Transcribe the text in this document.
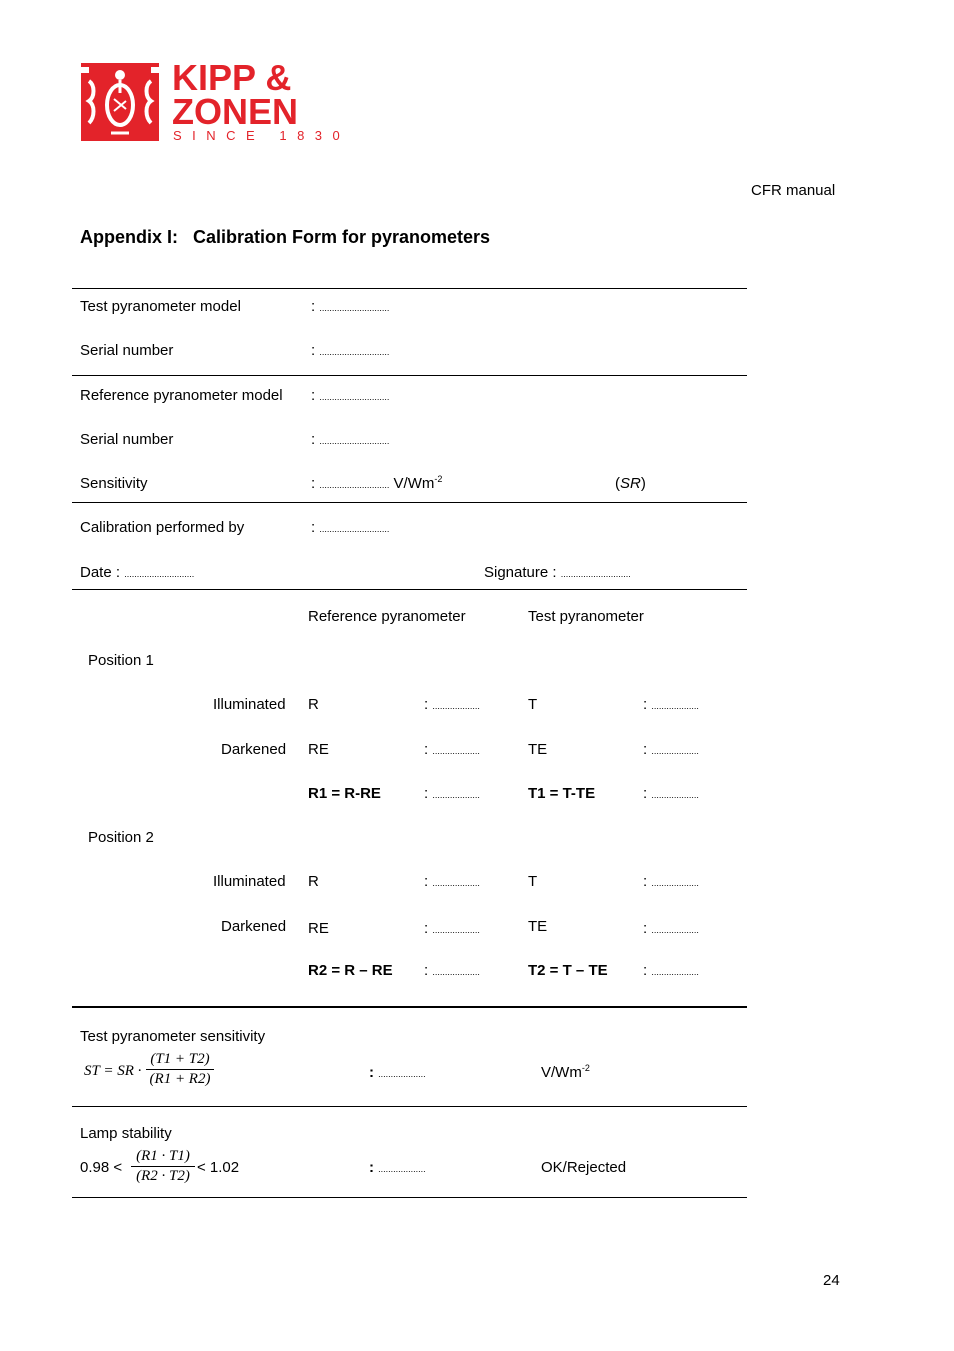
KIPP &
ZONEN
SINCE 1830
CFR manual
Appendix I:   Calibration Form for pyranometers
Test pyranometer model	: ............................
Serial number	: ............................
Reference pyranometer model : ............................
Serial number	: ............................
Sensitivity	: ............................ $V/Wm^{-2}$	(SR)
Calibration performed by	: ............................
Date : ............................	Signature : ............................
Reference pyranometer	Test pyranometer
Position 1
Illuminated R	: ...................	T	: ...................
Darkened RE	: ...................	TE	: ...................
R1 = R-RE	: ...................	T1 = T-TE	: ...................
Position 2
Illuminated R	: ...................	T	: ...................
Darkened RE	: ...................	TE	: ...................
R2 = R – RE : ...................	T2 = T – TE : ...................
Test pyranometer sensitivity
ST = SR ·
(T1 + T2)
(R1 + R2)	: ...................	$V/Wm^{-2}$
Lamp stability
0.98 <
(R1 · T1)
(R2 · T2) < 1.02	: ...................	OK/Rejected
24
